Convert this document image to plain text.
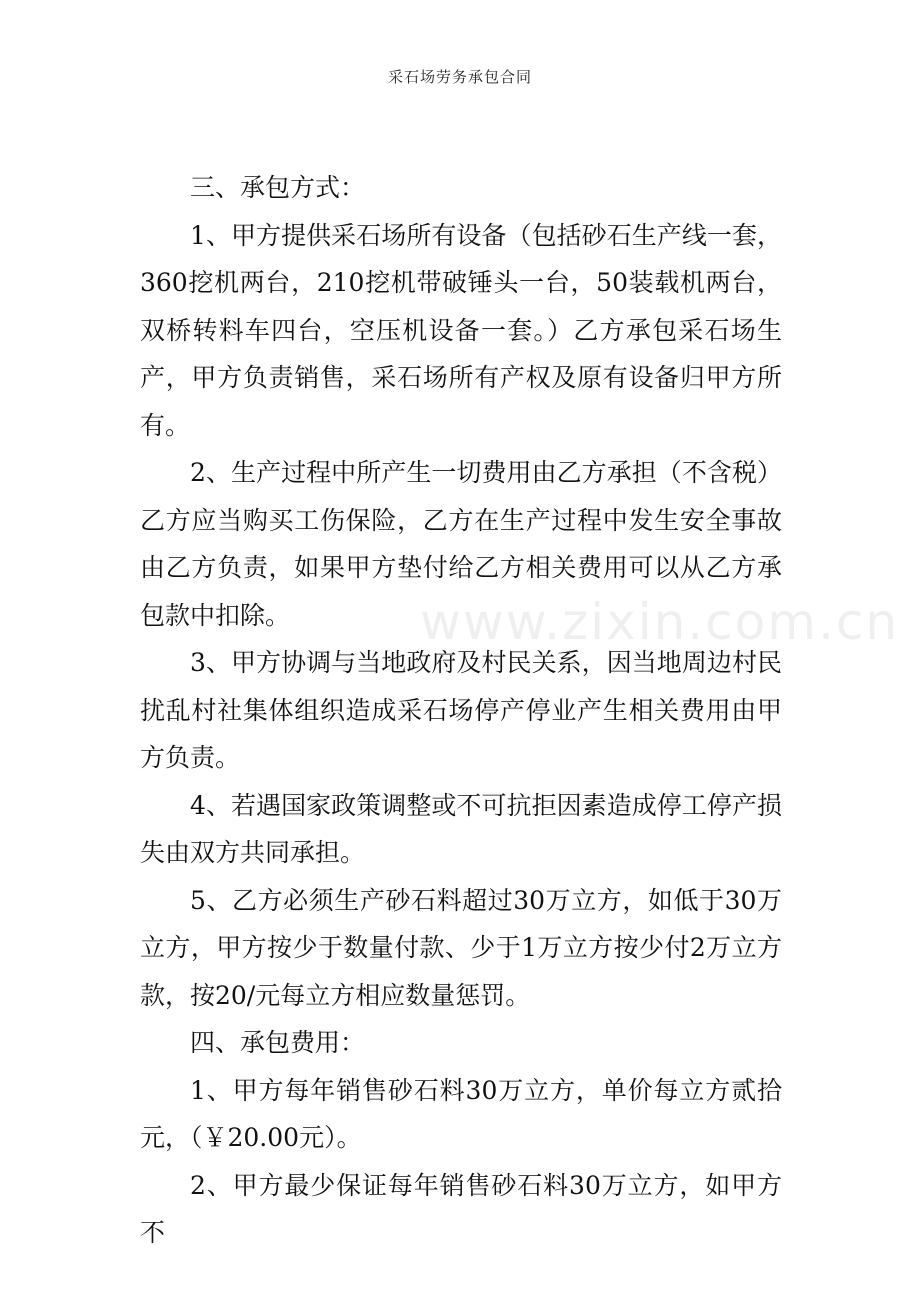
采石场劳务承包合同
www.zixin.com.cn

三、承包方式：

1、甲方提供采石场所有设备（包括砂石生产线一套，360挖机两台，210挖机带破锤头一台，50装载机两台，双桥转料车四台，空压机设备一套。）乙方承包采石场生产，甲方负责销售，采石场所有产权及原有设备归甲方所有。

2、生产过程中所产生一切费用由乙方承担（不含税）乙方应当购买工伤保险，乙方在生产过程中发生安全事故由乙方负责，如果甲方垫付给乙方相关费用可以从乙方承包款中扣除。

3、甲方协调与当地政府及村民关系，因当地周边村民扰乱村社集体组织造成采石场停产停业产生相关费用由甲方负责。

4、若遇国家政策调整或不可抗拒因素造成停工停产损失由双方共同承担。

5、乙方必须生产砂石料超过30万立方，如低于30万立方，甲方按少于数量付款、少于1万立方按少付2万立方款，按20/元每立方相应数量惩罚。

四、承包费用：

1、甲方每年销售砂石料30万立方，单价每立方贰拾元，（￥20.00元）。

2、甲方最少保证每年销售砂石料30万立方，如甲方不
